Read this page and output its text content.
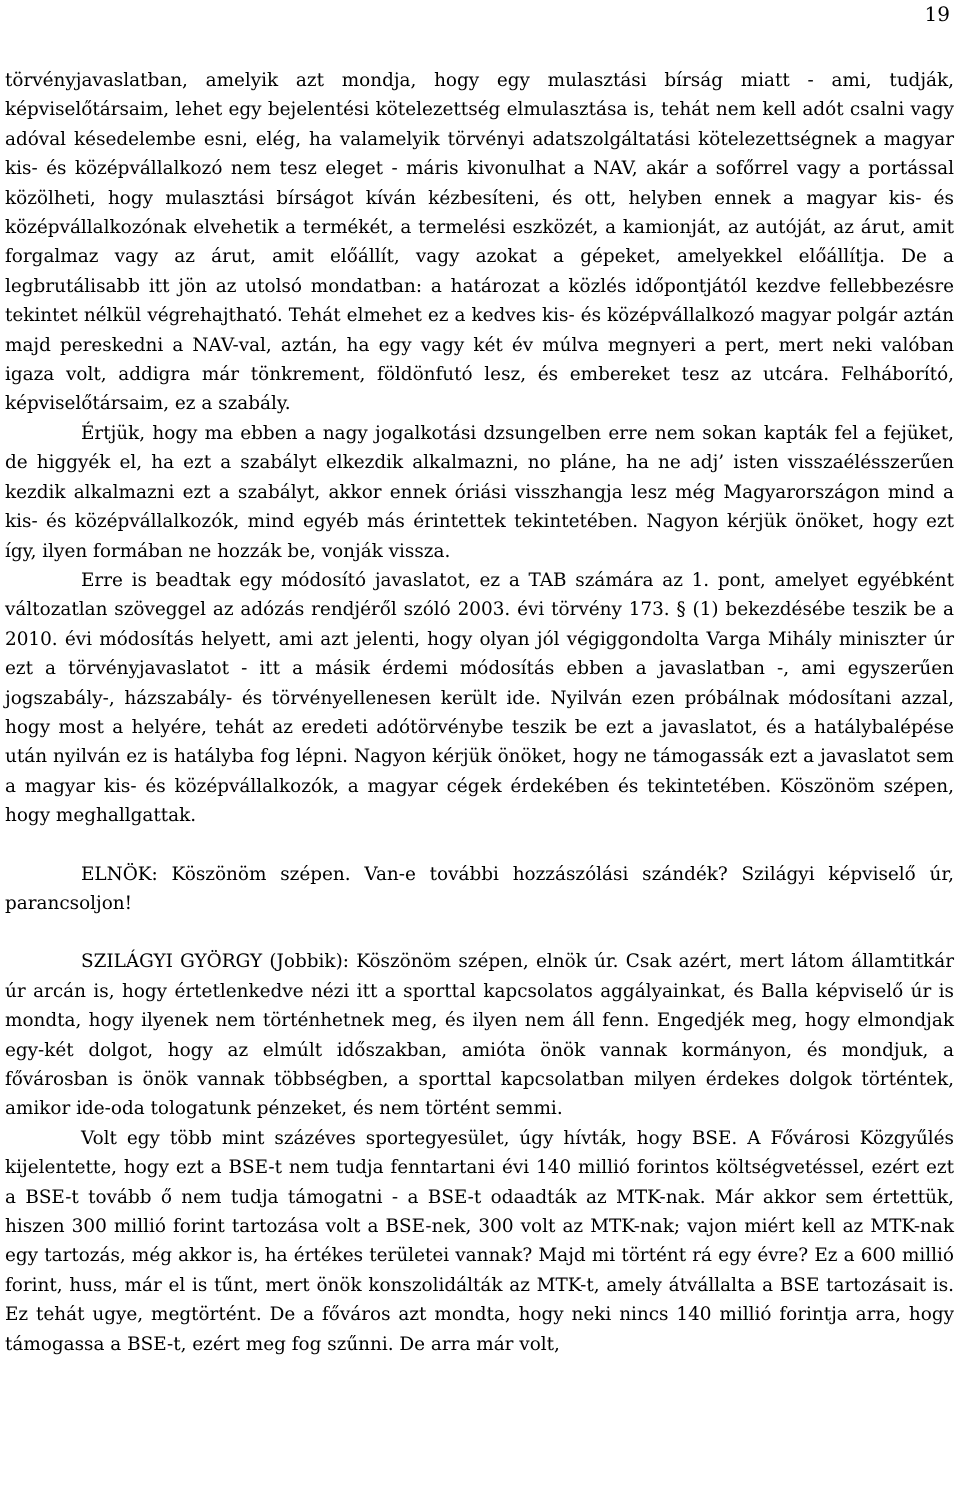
19

törvényjavaslatban, amelyik azt mondja, hogy egy mulasztási bírság miatt - ami, tudják, képviselőtársaim, lehet egy bejelentési kötelezettség elmulasztása is, tehát nem kell adót csalni vagy adóval késedelembe esni, elég, ha valamelyik törvényi adatszolgáltatási kötelezettségnek a magyar kis- és középvállalkozó nem tesz eleget - máris kivonulhat a NAV, akár a sofőrrel vagy a portással közölheti, hogy mulasztási bírságot kíván kézbesíteni, és ott, helyben ennek a magyar kis- és középvállalkozónak elvehetik a termékét, a termelési eszközét, a kamionját, az autóját, az árut, amit forgalmaz vagy az árut, amit előállít, vagy azokat a gépeket, amelyekkel előállítja. De a legbrutálisabb itt jön az utolsó mondatban: a határozat a közlés időpontjától kezdve fellebbezésre tekintet nélkül végrehajtható. Tehát elmehet ez a kedves kis- és középvállalkozó magyar polgár aztán majd pereskedni a NAV-val, aztán, ha egy vagy két év múlva megnyeri a pert, mert neki valóban igaza volt, addigra már tönkrement, földönfutó lesz, és embereket tesz az utcára. Felháborító, képviselőtársaim, ez a szabály.

Értjük, hogy ma ebben a nagy jogalkotási dzsungelben erre nem sokan kapták fel a fejüket, de higgyék el, ha ezt a szabályt elkezdik alkalmazni, no pláne, ha ne adj’ isten visszaélésszerűen kezdik alkalmazni ezt a szabályt, akkor ennek óriási visszhangja lesz még Magyarországon mind a kis- és középvállalkozók, mind egyéb más érintettek tekintetében. Nagyon kérjük önöket, hogy ezt így, ilyen formában ne hozzák be, vonják vissza.

Erre is beadtak egy módosító javaslatot, ez a TAB számára az 1. pont, amelyet egyébként változatlan szöveggel az adózás rendjéről szóló 2003. évi törvény 173. § (1) bekezdésébe teszik be a 2010. évi módosítás helyett, ami azt jelenti, hogy olyan jól végiggondolta Varga Mihály miniszter úr ezt a törvényjavaslatot - itt a másik érdemi módosítás ebben a javaslatban -, ami egyszerűen jogszabály-, házszabály- és törvényellenesen került ide. Nyilván ezen próbálnak módosítani azzal, hogy most a helyére, tehát az eredeti adótörvénybe teszik be ezt a javaslatot, és a hatálybalépése után nyilván ez is hatályba fog lépni. Nagyon kérjük önöket, hogy ne támogassák ezt a javaslatot sem a magyar kis- és középvállalkozók, a magyar cégek érdekében és tekintetében. Köszönöm szépen, hogy meghallgattak.

ELNÖK: Köszönöm szépen. Van-e további hozzászólási szándék? Szilágyi képviselő úr, parancsoljon!

SZILÁGYI GYÖRGY (Jobbik): Köszönöm szépen, elnök úr. Csak azért, mert látom államtitkár úr arcán is, hogy értetlenkedve nézi itt a sporttal kapcsolatos aggályainkat, és Balla képviselő úr is mondta, hogy ilyenek nem történhetnek meg, és ilyen nem áll fenn. Engedjék meg, hogy elmondjak egy-két dolgot, hogy az elmúlt időszakban, amióta önök vannak kormányon, és mondjuk, a fővárosban is önök vannak többségben, a sporttal kapcsolatban milyen érdekes dolgok történtek, amikor ide-oda tologatunk pénzeket, és nem történt semmi.

Volt egy több mint százéves sportegyesület, úgy hívták, hogy BSE. A Fővárosi Közgyűlés kijelentette, hogy ezt a BSE-t nem tudja fenntartani évi 140 millió forintos költségvetéssel, ezért ezt a BSE-t tovább ő nem tudja támogatni - a BSE-t odaadták az MTK-nak. Már akkor sem értettük, hiszen 300 millió forint tartozása volt a BSE-nek, 300 volt az MTK-nak; vajon miért kell az MTK-nak egy tartozás, még akkor is, ha értékes területei vannak? Majd mi történt rá egy évre? Ez a 600 millió forint, huss, már el is tűnt, mert önök konszolidálták az MTK-t, amely átvállalta a BSE tartozásait is. Ez tehát ugye, megtörtént. De a főváros azt mondta, hogy neki nincs 140 millió forintja arra, hogy támogassa a BSE-t, ezért meg fog szűnni. De arra már volt,
